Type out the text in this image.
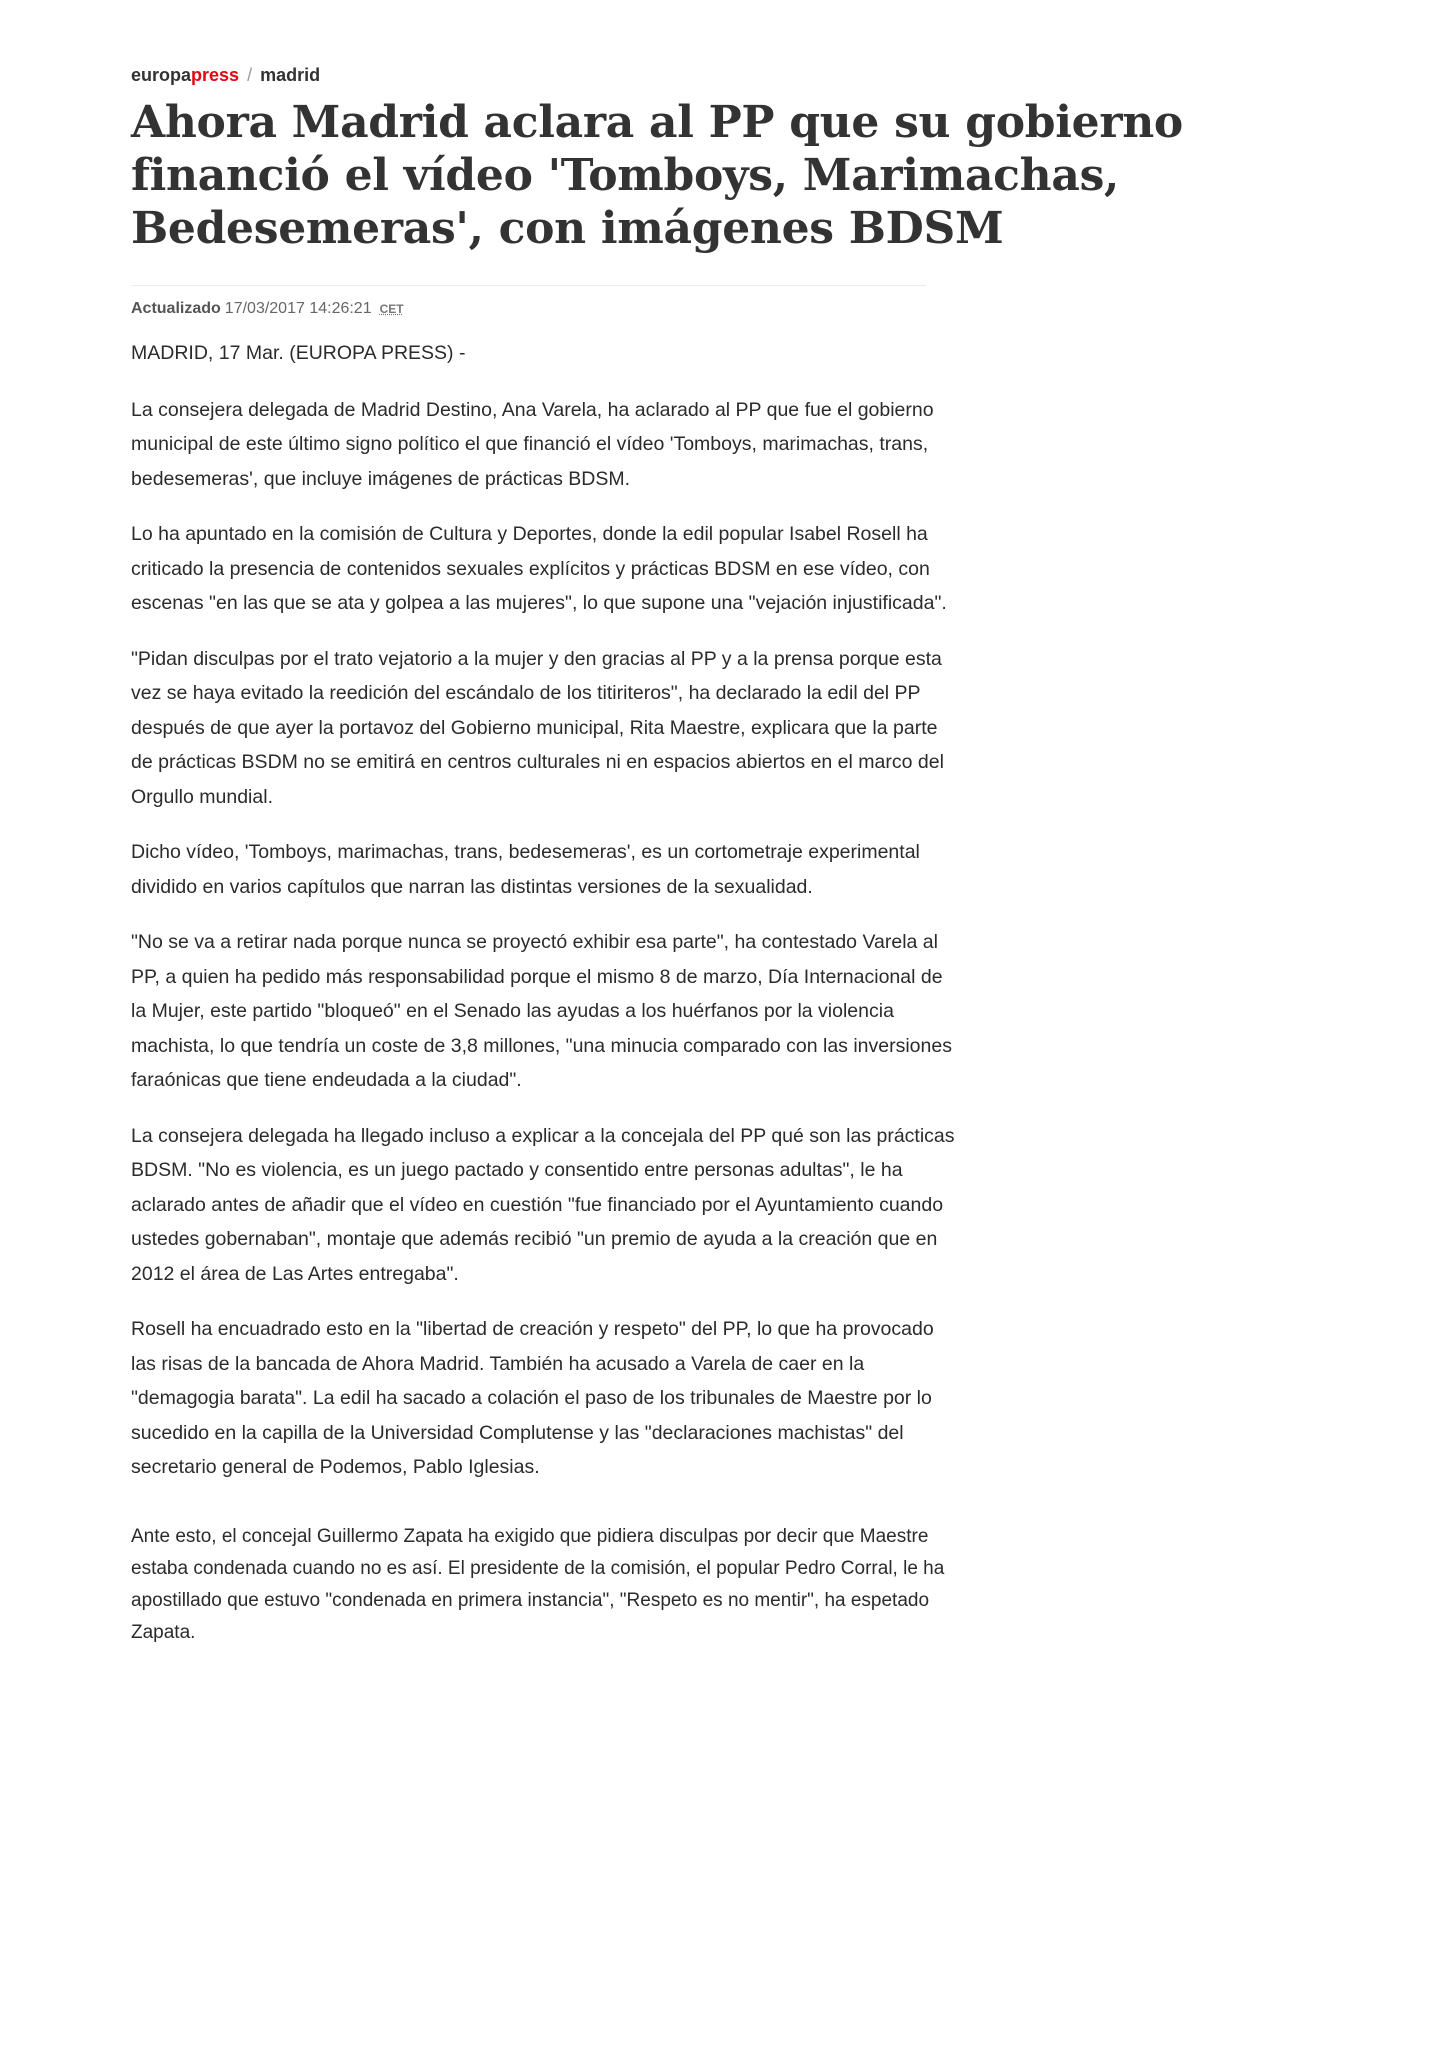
europapress / madrid
Ahora Madrid aclara al PP que su gobierno financió el vídeo 'Tomboys, Marimachas, Bedesemeras', con imágenes BDSM
Actualizado 17/03/2017 14:26:21 CET

MADRID, 17 Mar. (EUROPA PRESS) -

La consejera delegada de Madrid Destino, Ana Varela, ha aclarado al PP que fue el gobierno municipal de este último signo político el que financió el vídeo 'Tomboys, marimachas, trans, bedesemeras', que incluye imágenes de prácticas BDSM.

Lo ha apuntado en la comisión de Cultura y Deportes, donde la edil popular Isabel Rosell ha criticado la presencia de contenidos sexuales explícitos y prácticas BDSM en ese vídeo, con escenas "en las que se ata y golpea a las mujeres", lo que supone una "vejación injustificada".

"Pidan disculpas por el trato vejatorio a la mujer y den gracias al PP y a la prensa porque esta vez se haya evitado la reedición del escándalo de los titiriteros", ha declarado la edil del PP después de que ayer la portavoz del Gobierno municipal, Rita Maestre, explicara que la parte de prácticas BSDM no se emitirá en centros culturales ni en espacios abiertos en el marco del Orgullo mundial.

Dicho vídeo, 'Tomboys, marimachas, trans, bedesemeras', es un cortometraje experimental dividido en varios capítulos que narran las distintas versiones de la sexualidad.

"No se va a retirar nada porque nunca se proyectó exhibir esa parte", ha contestado Varela al PP, a quien ha pedido más responsabilidad porque el mismo 8 de marzo, Día Internacional de la Mujer, este partido "bloqueó" en el Senado las ayudas a los huérfanos por la violencia machista, lo que tendría un coste de 3,8 millones, "una minucia comparado con las inversiones faraónicas que tiene endeudada a la ciudad".

La consejera delegada ha llegado incluso a explicar a la concejala del PP qué son las prácticas BDSM. "No es violencia, es un juego pactado y consentido entre personas adultas", le ha aclarado antes de añadir que el vídeo en cuestión "fue financiado por el Ayuntamiento cuando ustedes gobernaban", montaje que además recibió "un premio de ayuda a la creación que en 2012 el área de Las Artes entregaba".

Rosell ha encuadrado esto en la "libertad de creación y respeto" del PP, lo que ha provocado las risas de la bancada de Ahora Madrid. También ha acusado a Varela de caer en la "demagogia barata". La edil ha sacado a colación el paso de los tribunales de Maestre por lo sucedido en la capilla de la Universidad Complutense y las "declaraciones machistas" del secretario general de Podemos, Pablo Iglesias.

Ante esto, el concejal Guillermo Zapata ha exigido que pidiera disculpas por decir que Maestre estaba condenada cuando no es así. El presidente de la comisión, el popular Pedro Corral, le ha apostillado que estuvo "condenada en primera instancia", "Respeto es no mentir", ha espetado Zapata.
